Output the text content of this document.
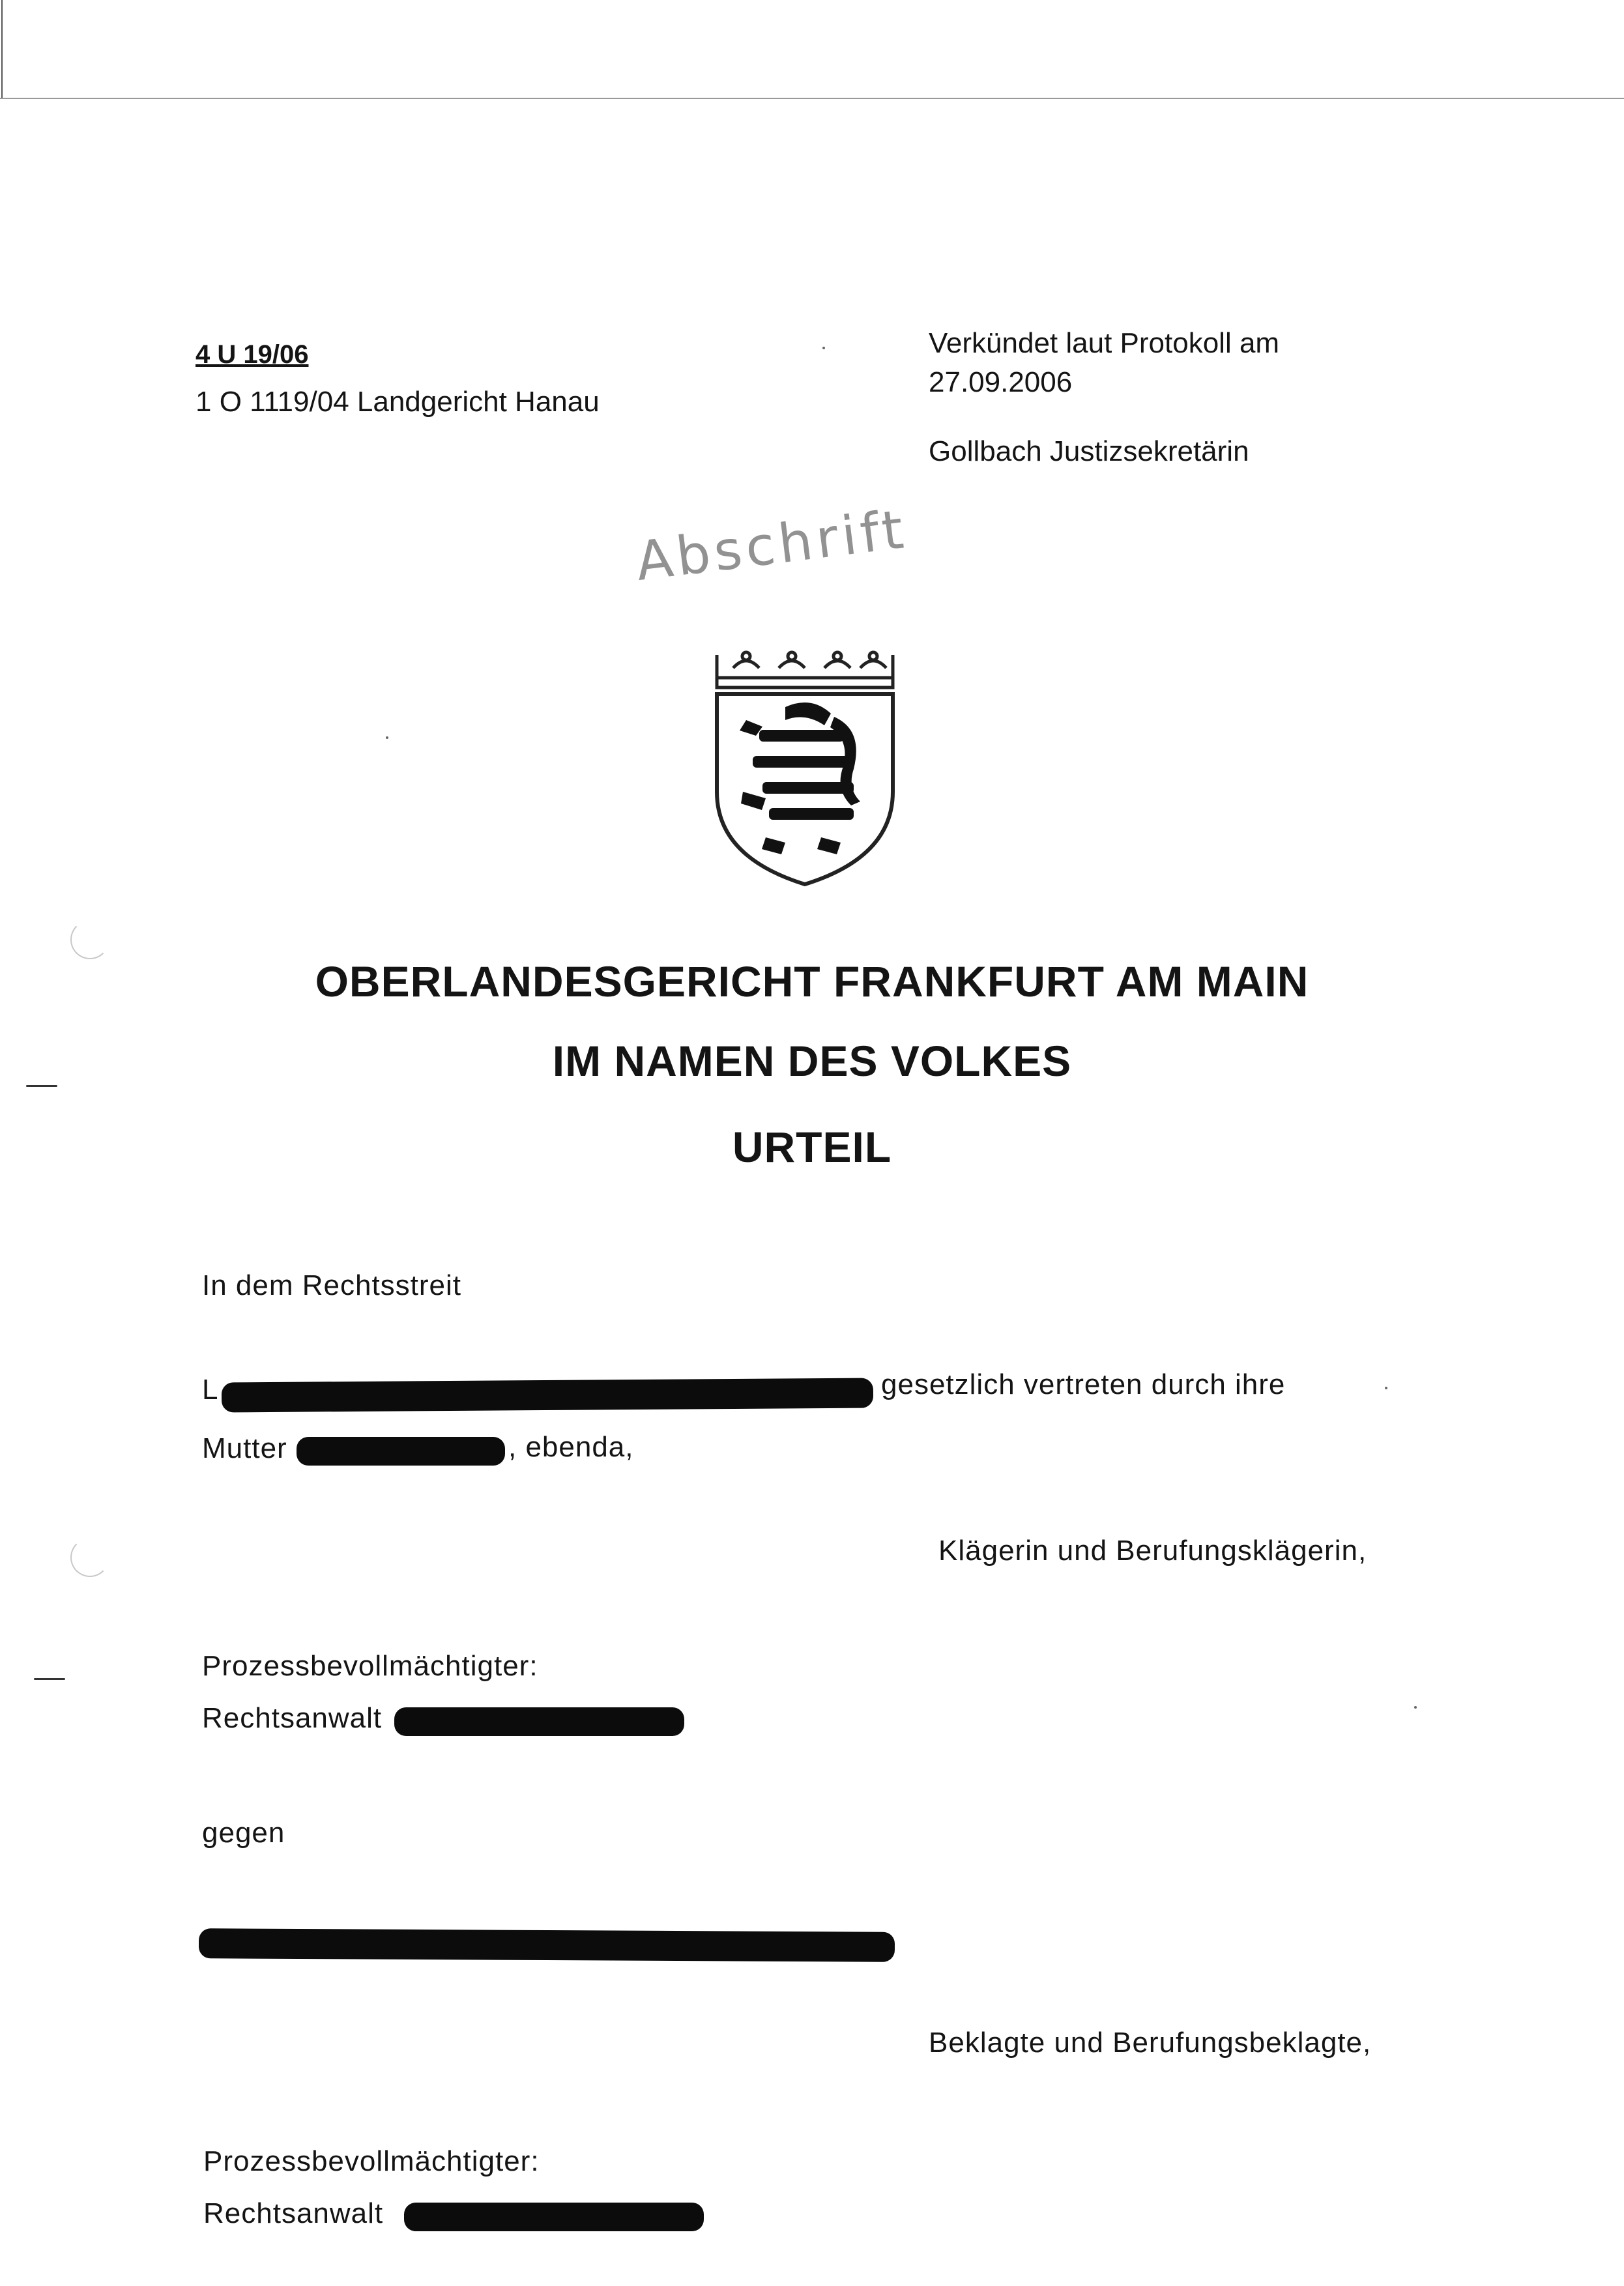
4 U 19/06
1 O 1119/04 Landgericht Hanau
Verkündet laut Protokoll am
27.09.2006
Gollbach Justizsekretärin
Abschrift
OBERLANDESGERICHT FRANKFURT AM MAIN
IM NAMEN DES VOLKES
URTEIL
In dem Rechtsstreit
L	gesetzlich vertreten durch ihre
Mutter	, ebenda,
Klägerin und Berufungsklägerin,
Prozessbevollmächtigter:
Rechtsanwalt
gegen
Beklagte und Berufungsbeklagte,
Prozessbevollmächtigter:
Rechtsanwalt
